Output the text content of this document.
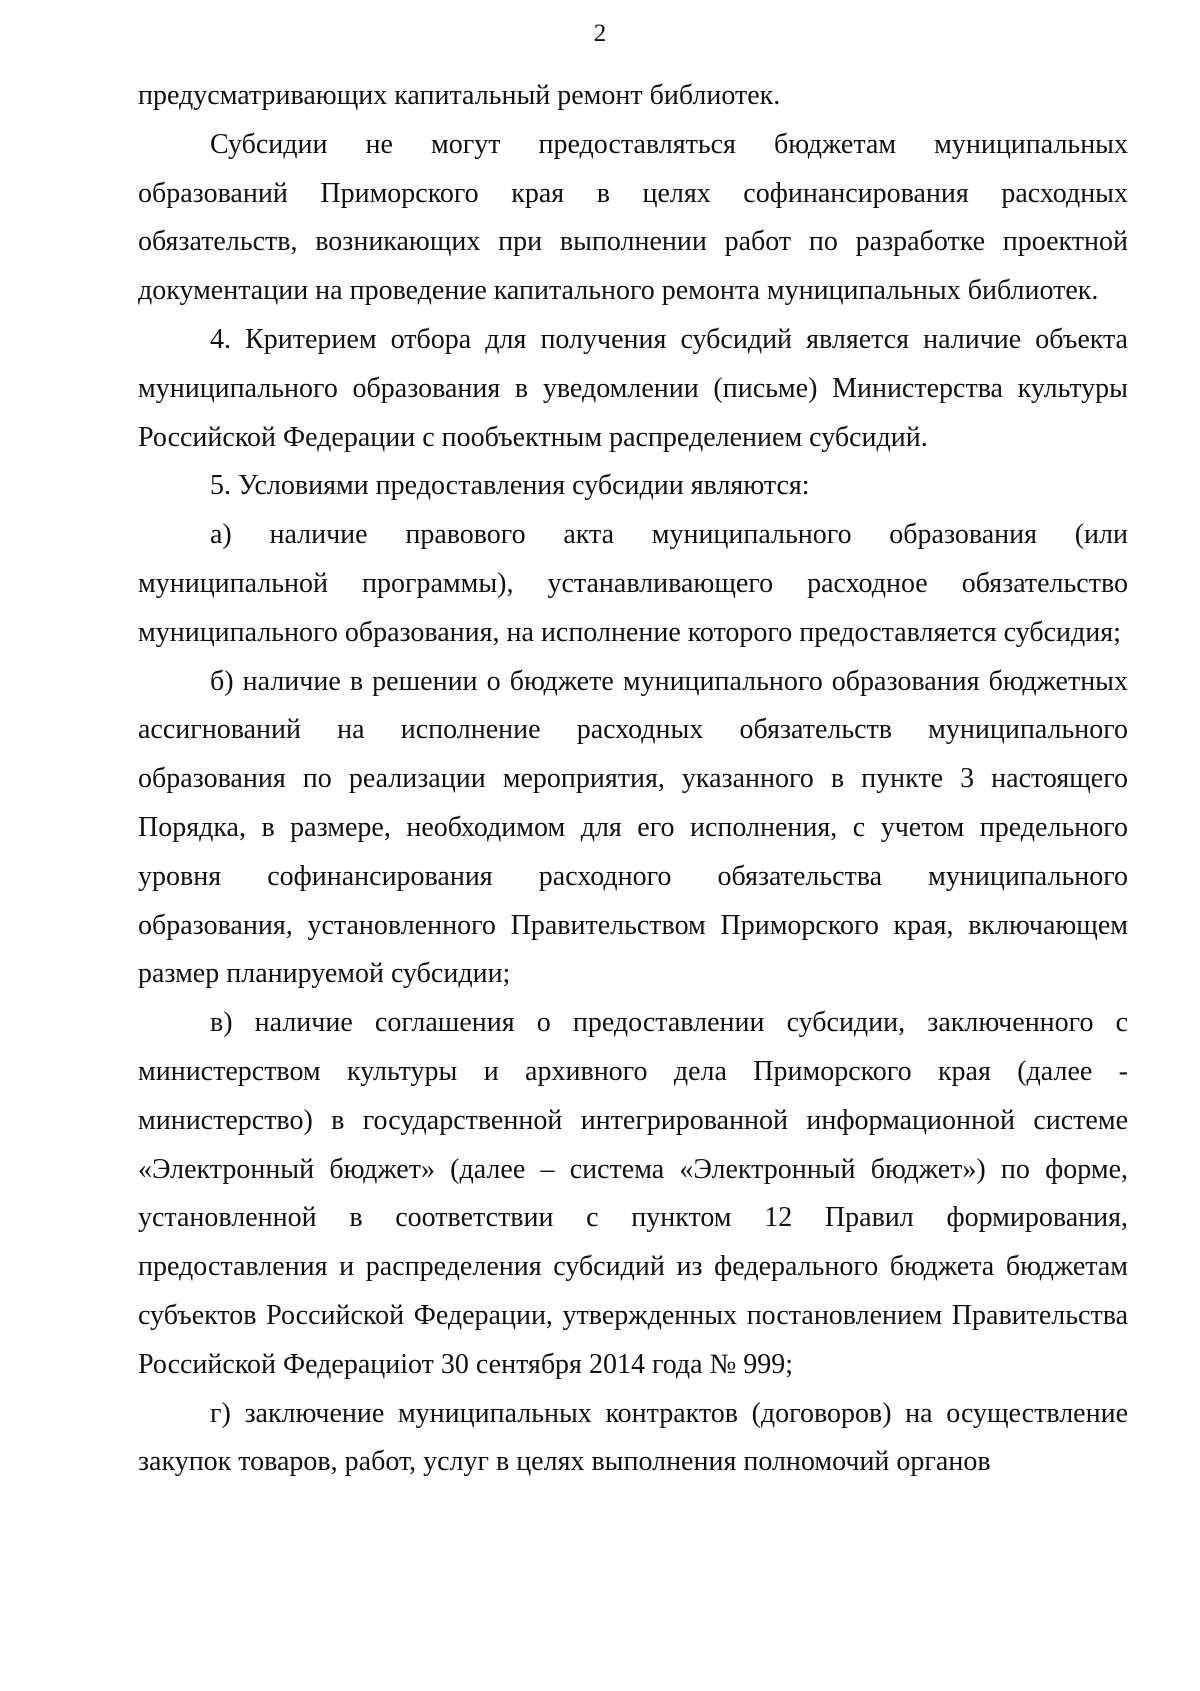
2

предусматривающих капитальный ремонт библиотек.

Субсидии не могут предоставляться бюджетам муниципальных образований Приморского края в целях софинансирования расходных обязательств, возникающих при выполнении работ по разработке проектной документации на проведение капитального ремонта муниципальных библиотек.

4. Критерием отбора для получения субсидий является наличие объекта муниципального образования в уведомлении (письме) Министерства культуры Российской Федерации с пообъектным распределением субсидий.

5. Условиями предоставления субсидии являются:

а) наличие правового акта муниципального образования (или муниципальной программы), устанавливающего расходное обязательство муниципального образования, на исполнение которого предоставляется субсидия;

б) наличие в решении о бюджете муниципального образования бюджетных ассигнований на исполнение расходных обязательств муниципального образования по реализации мероприятия, указанного в пункте 3 настоящего Порядка, в размере, необходимом для его исполнения, с учетом предельного уровня софинансирования расходного обязательства муниципального образования, установленного Правительством Приморского края, включающем размер планируемой субсидии;

в) наличие соглашения о предоставлении субсидии, заключенного с министерством культуры и архивного дела Приморского края (далее - министерство) в государственной интегрированной информационной системе «Электронный бюджет» (далее – система «Электронный бюджет») по форме, установленной в соответствии с пунктом 12 Правил формирования, предоставления и распределения субсидий из федерального бюджета бюджетам субъектов Российской Федерации, утвержденных постановлением Правительства Российской Федерациiот 30 сентября 2014 года № 999;

г) заключение муниципальных контрактов (договоров) на осуществление закупок товаров, работ, услуг в целях выполнения полномочий органов
